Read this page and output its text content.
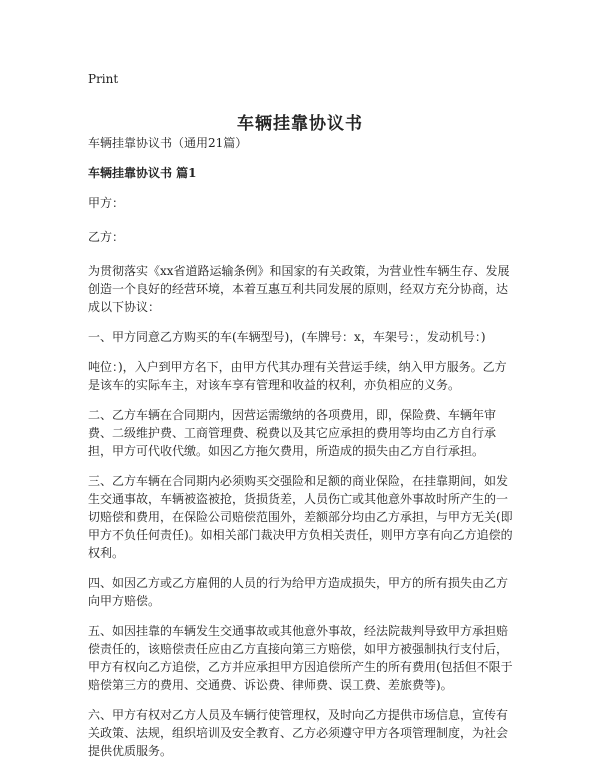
Print
车辆挂靠协议书

车辆挂靠协议书（通用21篇）

车辆挂靠协议书 篇1

甲方：

乙方：

为贯彻落实《xx省道路运输条例》和国家的有关政策，为营业性车辆生存、发展创造一个良好的经营环境，本着互惠互利共同发展的原则，经双方充分协商，达成以下协议：

一、甲方同意乙方购买的车(车辆型号)，(车牌号：x，车架号：，发动机号：)

吨位：)，入户到甲方名下，由甲方代其办理有关营运手续，纳入甲方服务。乙方是该车的实际车主，对该车享有管理和收益的权利，亦负相应的义务。

二、乙方车辆在合同期内，因营运需缴纳的各项费用，即，保险费、车辆年审费、二级维护费、工商管理费、税费以及其它应承担的费用等均由乙方自行承担，甲方可代收代缴。如因乙方拖欠费用，所造成的损失由乙方自行承担。

三、乙方车辆在合同期内必须购买交强险和足额的商业保险，在挂靠期间，如发生交通事故，车辆被盗被抢，货损货差，人员伤亡或其他意外事故时所产生的一切赔偿和费用，在保险公司赔偿范围外，差额部分均由乙方承担，与甲方无关(即甲方不负任何责任)。如相关部门裁决甲方负相关责任，则甲方享有向乙方追偿的权利。

四、如因乙方或乙方雇佣的人员的行为给甲方造成损失，甲方的所有损失由乙方向甲方赔偿。

五、如因挂靠的车辆发生交通事故或其他意外事故，经法院裁判导致甲方承担赔偿责任的，该赔偿责任应由乙方直接向第三方赔偿，如甲方被强制执行支付后，甲方有权向乙方追偿，乙方并应承担甲方因追偿所产生的所有费用(包括但不限于赔偿第三方的费用、交通费、诉讼费、律师费、误工费、差旅费等)。

六、甲方有权对乙方人员及车辆行使管理权，及时向乙方提供市场信息，宣传有关政策、法规，组织培训及安全教育、乙方必须遵守甲方各项管理制度，为社会提供优质服务。
